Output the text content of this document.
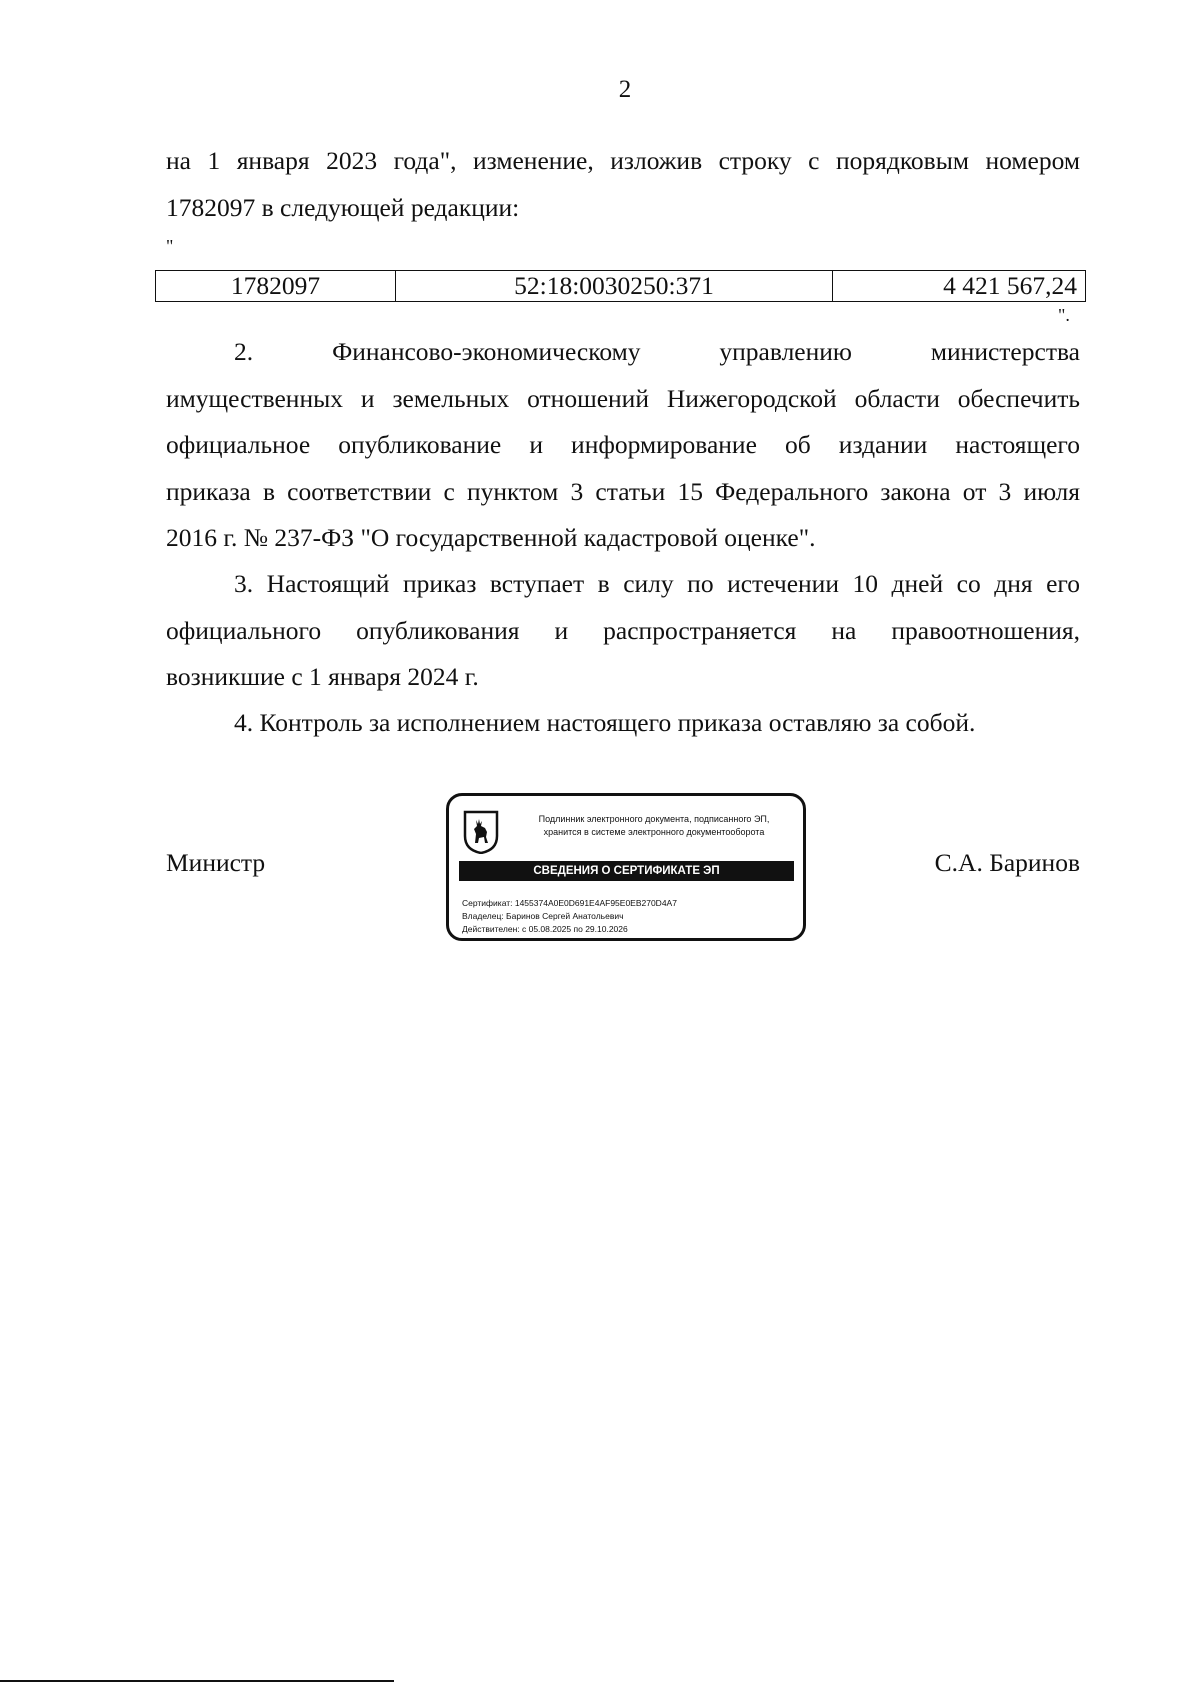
2
на 1 января 2023 года", изменение, изложив строку с порядковым номером
1782097 в следующей редакции:
"
1782097	52:18:0030250:371	4 421 567,24
".
2. Финансово-экономическому управлению министерства
имущественных и земельных отношений Нижегородской области обеспечить
официальное опубликование и информирование об издании настоящего
приказа в соответствии с пунктом 3 статьи 15 Федерального закона от 3 июля
2016 г. № 237-ФЗ "О государственной кадастровой оценке".
3. Настоящий приказ вступает в силу по истечении 10 дней со дня его
официального опубликования и распространяется на правоотношения,
возникшие с 1 января 2024 г.
4. Контроль за исполнением настоящего приказа оставляю за собой.
Министр
Подлинник электронного документа, подписанного ЭП,
хранится в системе электронного документооборота
СВЕДЕНИЯ О СЕРТИФИКАТЕ ЭП
Сертификат: 1455374A0E0D691E4AF95E0EB270D4A7
Владелец: Баринов Сергей Анатольевич
Действителен: с 05.08.2025 по 29.10.2026
С.А. Баринов
